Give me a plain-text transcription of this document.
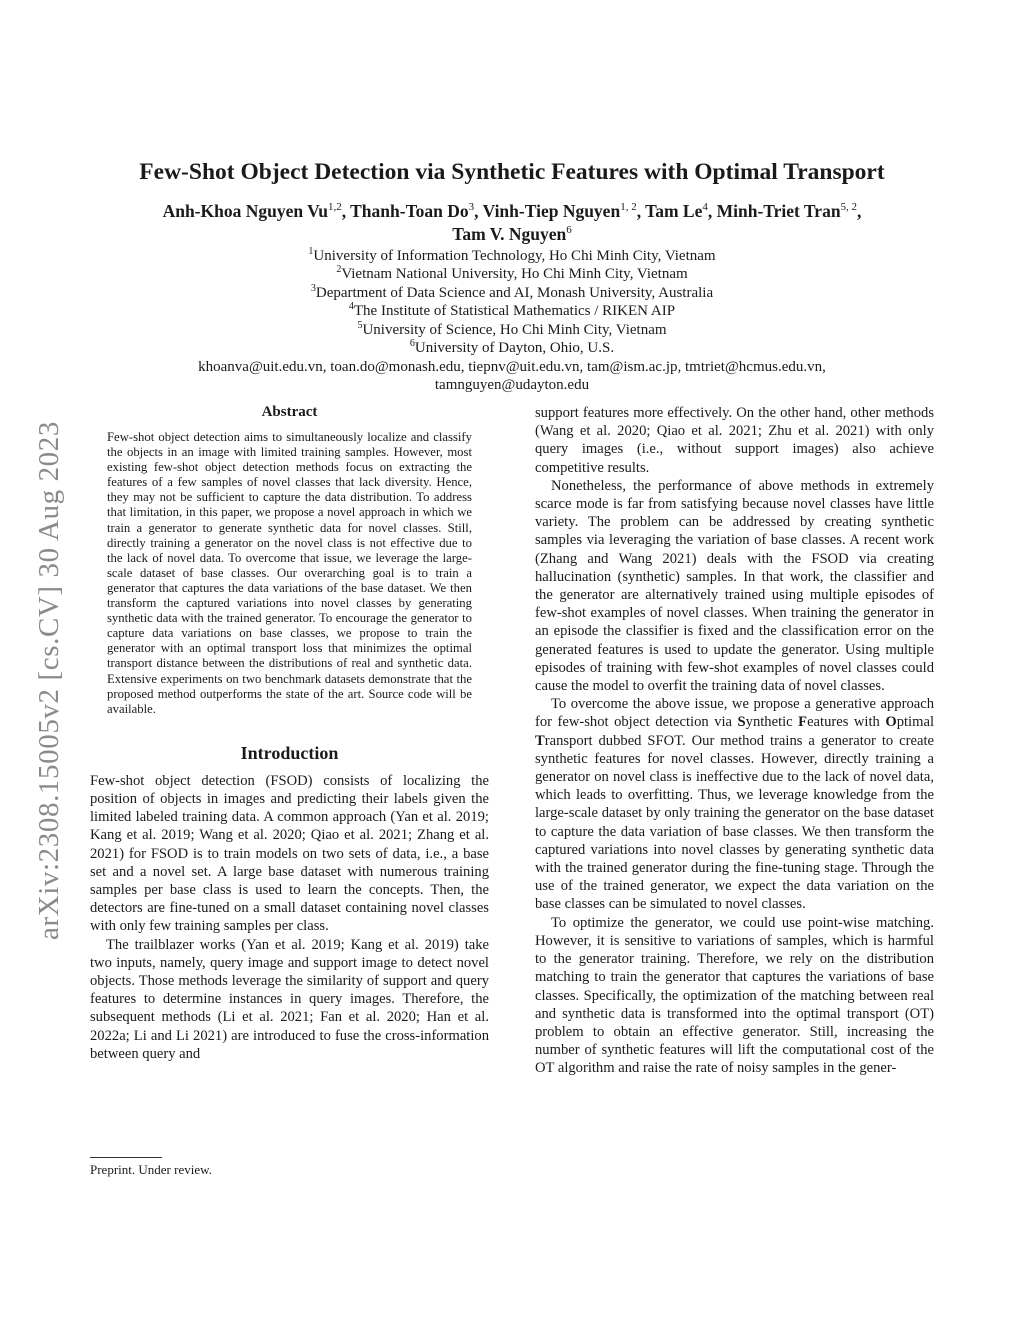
arXiv:2308.15005v2 [cs.CV] 30 Aug 2023
Few-Shot Object Detection via Synthetic Features with Optimal Transport
Anh-Khoa Nguyen Vu$^{1,2}$, Thanh-Toan Do$^3$, Vinh-Tiep Nguyen$^{1, 2}$, Tam Le$^4$, Minh-Triet Tran$^{5, 2}$,
Tam V. Nguyen$^6$
$^1$University of Information Technology, Ho Chi Minh City, Vietnam
$^2$Vietnam National University, Ho Chi Minh City, Vietnam
$^3$Department of Data Science and AI, Monash University, Australia
$^4$The Institute of Statistical Mathematics / RIKEN AIP
$^5$University of Science, Ho Chi Minh City, Vietnam
$^6$University of Dayton, Ohio, U.S.
khoanva@uit.edu.vn, toan.do@monash.edu, tiepnv@uit.edu.vn, tam@ism.ac.jp, tmtriet@hcmus.edu.vn,
tamnguyen@udayton.edu
Abstract
Few-shot object detection aims to simultaneously localize and classify the objects in an image with limited training samples. However, most existing few-shot object detection methods focus on extracting the features of a few samples of novel classes that lack diversity. Hence, they may not be sufficient to capture the data distribution. To address that limitation, in this paper, we propose a novel approach in which we train a generator to generate synthetic data for novel classes. Still, directly training a generator on the novel class is not effective due to the lack of novel data. To overcome that issue, we leverage the large-scale dataset of base classes. Our overarching goal is to train a generator that captures the data variations of the base dataset. We then transform the captured variations into novel classes by generating synthetic data with the trained generator. To encourage the generator to capture data variations on base classes, we propose to train the generator with an optimal transport loss that minimizes the optimal transport distance between the distributions of real and synthetic data. Extensive experiments on two benchmark datasets demonstrate that the proposed method outperforms the state of the art. Source code will be available.
Introduction

Few-shot object detection (FSOD) consists of localizing the position of objects in images and predicting their labels given the limited labeled training data. A common approach (Yan et al. 2019; Kang et al. 2019; Wang et al. 2020; Qiao et al. 2021; Zhang et al. 2021) for FSOD is to train models on two sets of data, i.e., a base set and a novel set. A large base dataset with numerous training samples per base class is used to learn the concepts. Then, the detectors are fine-tuned on a small dataset containing novel classes with only few training samples per class.

The trailblazer works (Yan et al. 2019; Kang et al. 2019) take two inputs, namely, query image and support image to detect novel objects. Those methods leverage the similarity of support and query features to determine instances in query images. Therefore, the subsequent methods (Li et al. 2021; Fan et al. 2020; Han et al. 2022a; Li and Li 2021) are introduced to fuse the cross-information between query and

support features more effectively. On the other hand, other methods (Wang et al. 2020; Qiao et al. 2021; Zhu et al. 2021) with only query images (i.e., without support images) also achieve competitive results.

Nonetheless, the performance of above methods in extremely scarce mode is far from satisfying because novel classes have little variety. The problem can be addressed by creating synthetic samples via leveraging the variation of base classes. A recent work (Zhang and Wang 2021) deals with the FSOD via creating hallucination (synthetic) samples. In that work, the classifier and the generator are alternatively trained using multiple episodes of few-shot examples of novel classes. When training the generator in an episode the classifier is fixed and the classification error on the generated features is used to update the generator. Using multiple episodes of training with few-shot examples of novel classes could cause the model to overfit the training data of novel classes.

To overcome the above issue, we propose a generative approach for few-shot object detection via Synthetic Features with Optimal Transport dubbed SFOT. Our method trains a generator to create synthetic features for novel classes. However, directly training a generator on novel class is ineffective due to the lack of novel data, which leads to overfitting. Thus, we leverage knowledge from the large-scale dataset by only training the generator on the base dataset to capture the data variation of base classes. We then transform the captured variations into novel classes by generating synthetic data with the trained generator during the fine-tuning stage. Through the use of the trained generator, we expect the data variation on the base classes can be simulated to novel classes.

To optimize the generator, we could use point-wise matching. However, it is sensitive to variations of samples, which is harmful to the generator training. Therefore, we rely on the distribution matching to train the generator that captures the variations of base classes. Specifically, the optimization of the matching between real and synthetic data is transformed into the optimal transport (OT) problem to obtain an effective generator. Still, increasing the number of synthetic features will lift the computational cost of the OT algorithm and raise the rate of noisy samples in the gener-

Preprint. Under review.
